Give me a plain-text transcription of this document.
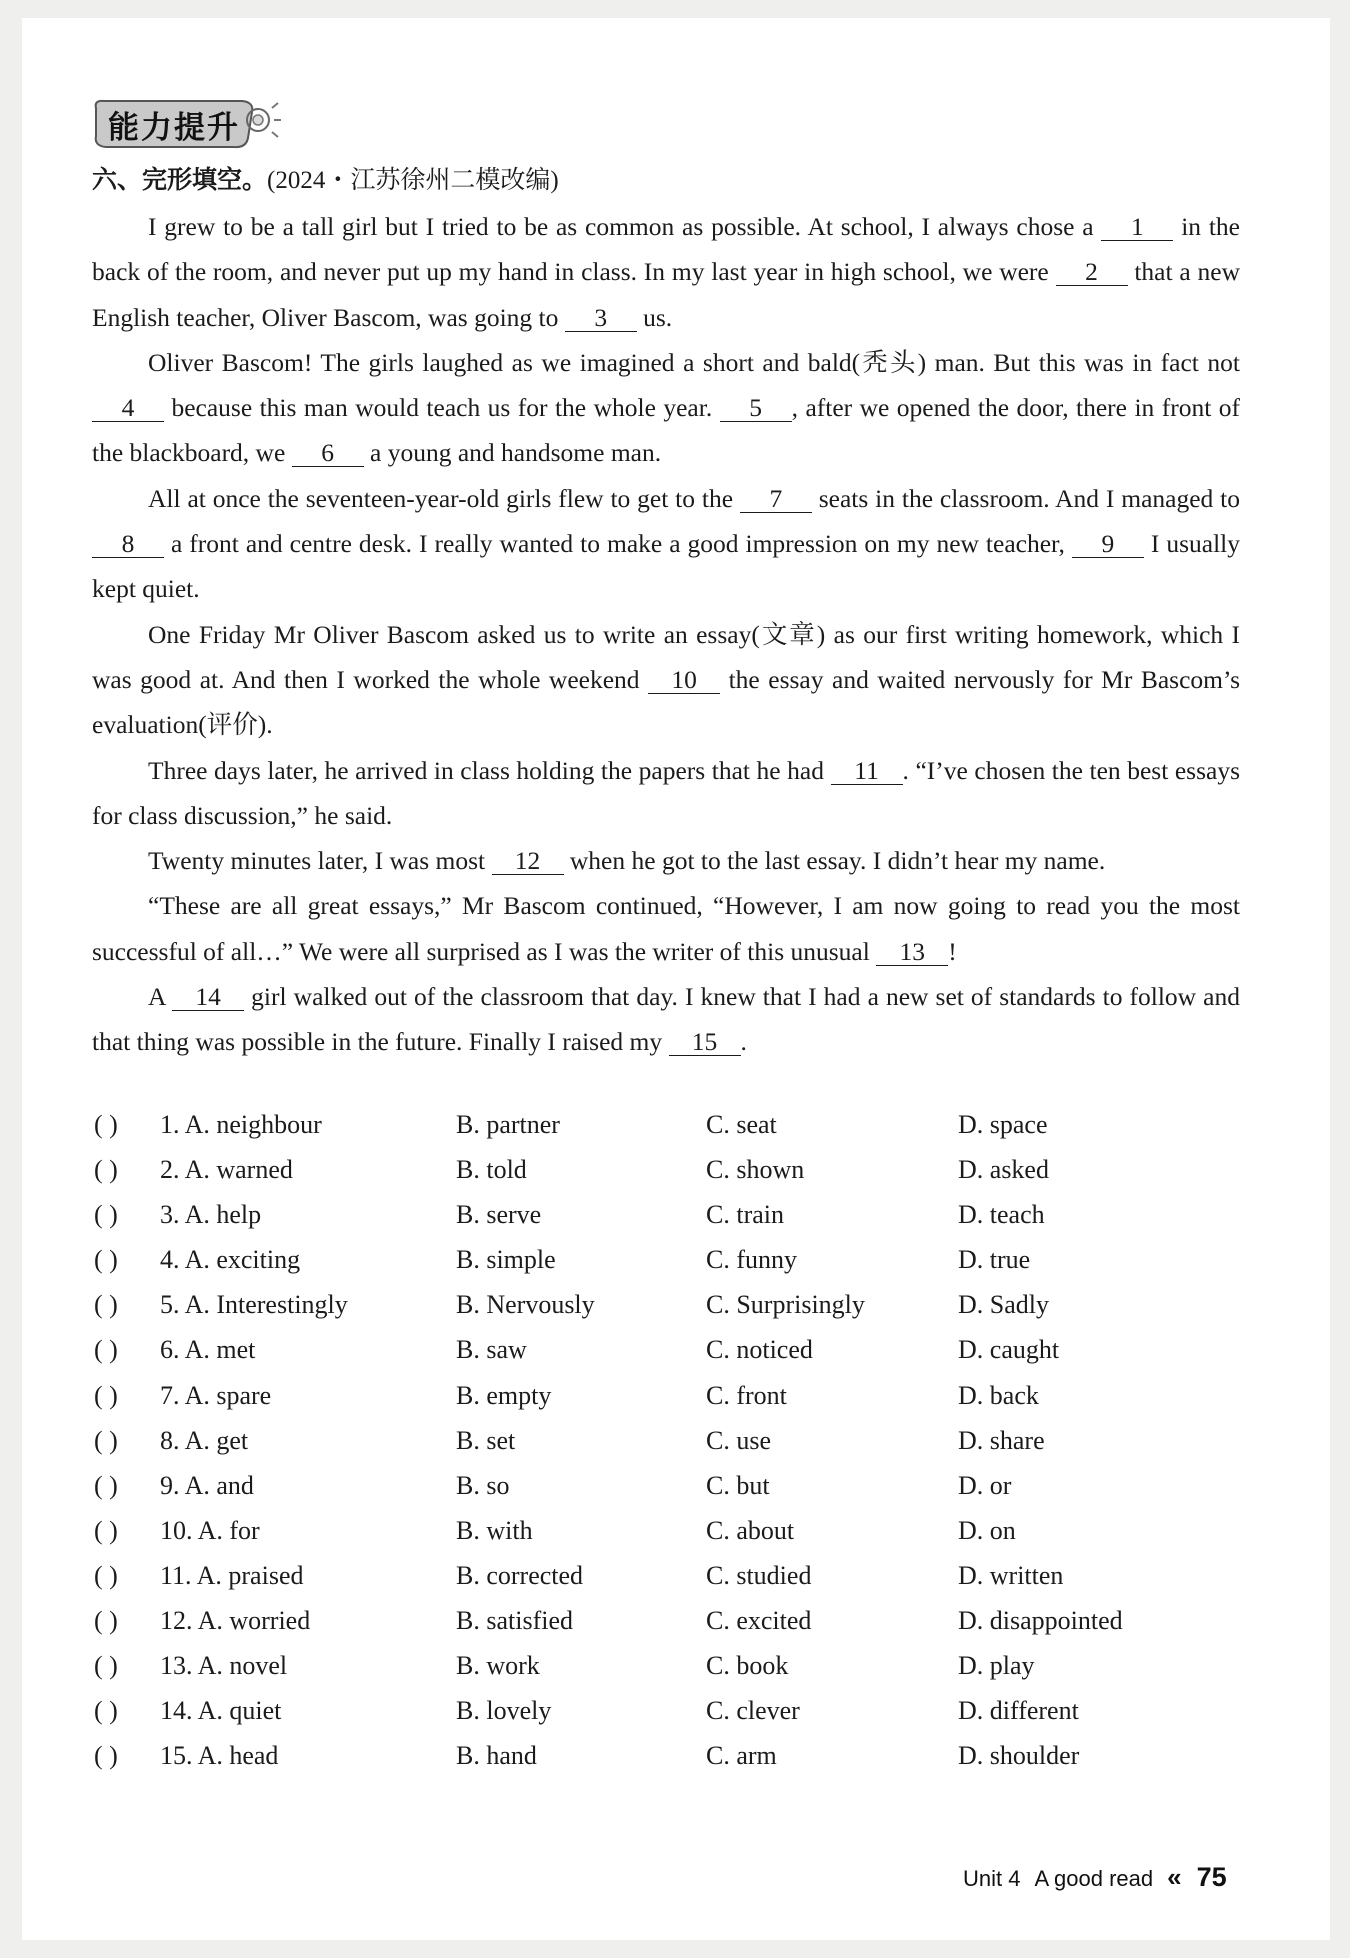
能力提升
六、完形填空。(2024・江苏徐州二模改编)

I grew to be a tall girl but I tried to be as common as possible. At school, I always chose a 1 in the back of the room, and never put up my hand in class. In my last year in high school, we were 2 that a new English teacher, Oliver Bascom, was going to 3 us.

Oliver Bascom! The girls laughed as we imagined a short and bald(秃头) man. But this was in fact not 4 because this man would teach us for the whole year. 5 , after we opened the door, there in front of the blackboard, we 6 a young and handsome man.

All at once the seventeen-year-old girls flew to get to the 7 seats in the classroom. And I managed to 8 a front and centre desk. I really wanted to make a good impression on my new teacher, 9 I usually kept quiet.

One Friday Mr Oliver Bascom asked us to write an essay(文章) as our first writing homework, which I was good at. And then I worked the whole weekend 10 the essay and waited nervously for Mr Bascom’s evaluation(评价).

Three days later, he arrived in class holding the papers that he had 11 . “I’ve chosen the ten best essays for class discussion,” he said.

Twenty minutes later, I was most 12 when he got to the last essay. I didn’t hear my name.

“These are all great essays,” Mr Bascom continued, “However, I am now going to read you the most successful of all…” We were all surprised as I was the writer of this unusual 13 !

A 14 girl walked out of the classroom that day. I knew that I had a new set of standards to follow and that thing was possible in the future. Finally I raised my 15 .

( ) 1. A. neighbour	B. partner	C. seat	D. space
( ) 2. A. warned	B. told	C. shown	D. asked
( ) 3. A. help	B. serve	C. train	D. teach
( ) 4. A. exciting	B. simple	C. funny	D. true
( ) 5. A. Interestingly	B. Nervously	C. Surprisingly	D. Sadly
( ) 6. A. met	B. saw	C. noticed	D. caught
( ) 7. A. spare	B. empty	C. front	D. back
( ) 8. A. get	B. set	C. use	D. share
( ) 9. A. and	B. so	C. but	D. or
( ) 10. A. for	B. with	C. about	D. on
( ) 11. A. praised	B. corrected	C. studied	D. written
( ) 12. A. worried	B. satisfied	C. excited	D. disappointed
( ) 13. A. novel	B. work	C. book	D. play
( ) 14. A. quiet	B. lovely	C. clever	D. different
( ) 15. A. head	B. hand	C. arm	D. shoulder
Unit 4 A good read « 75
